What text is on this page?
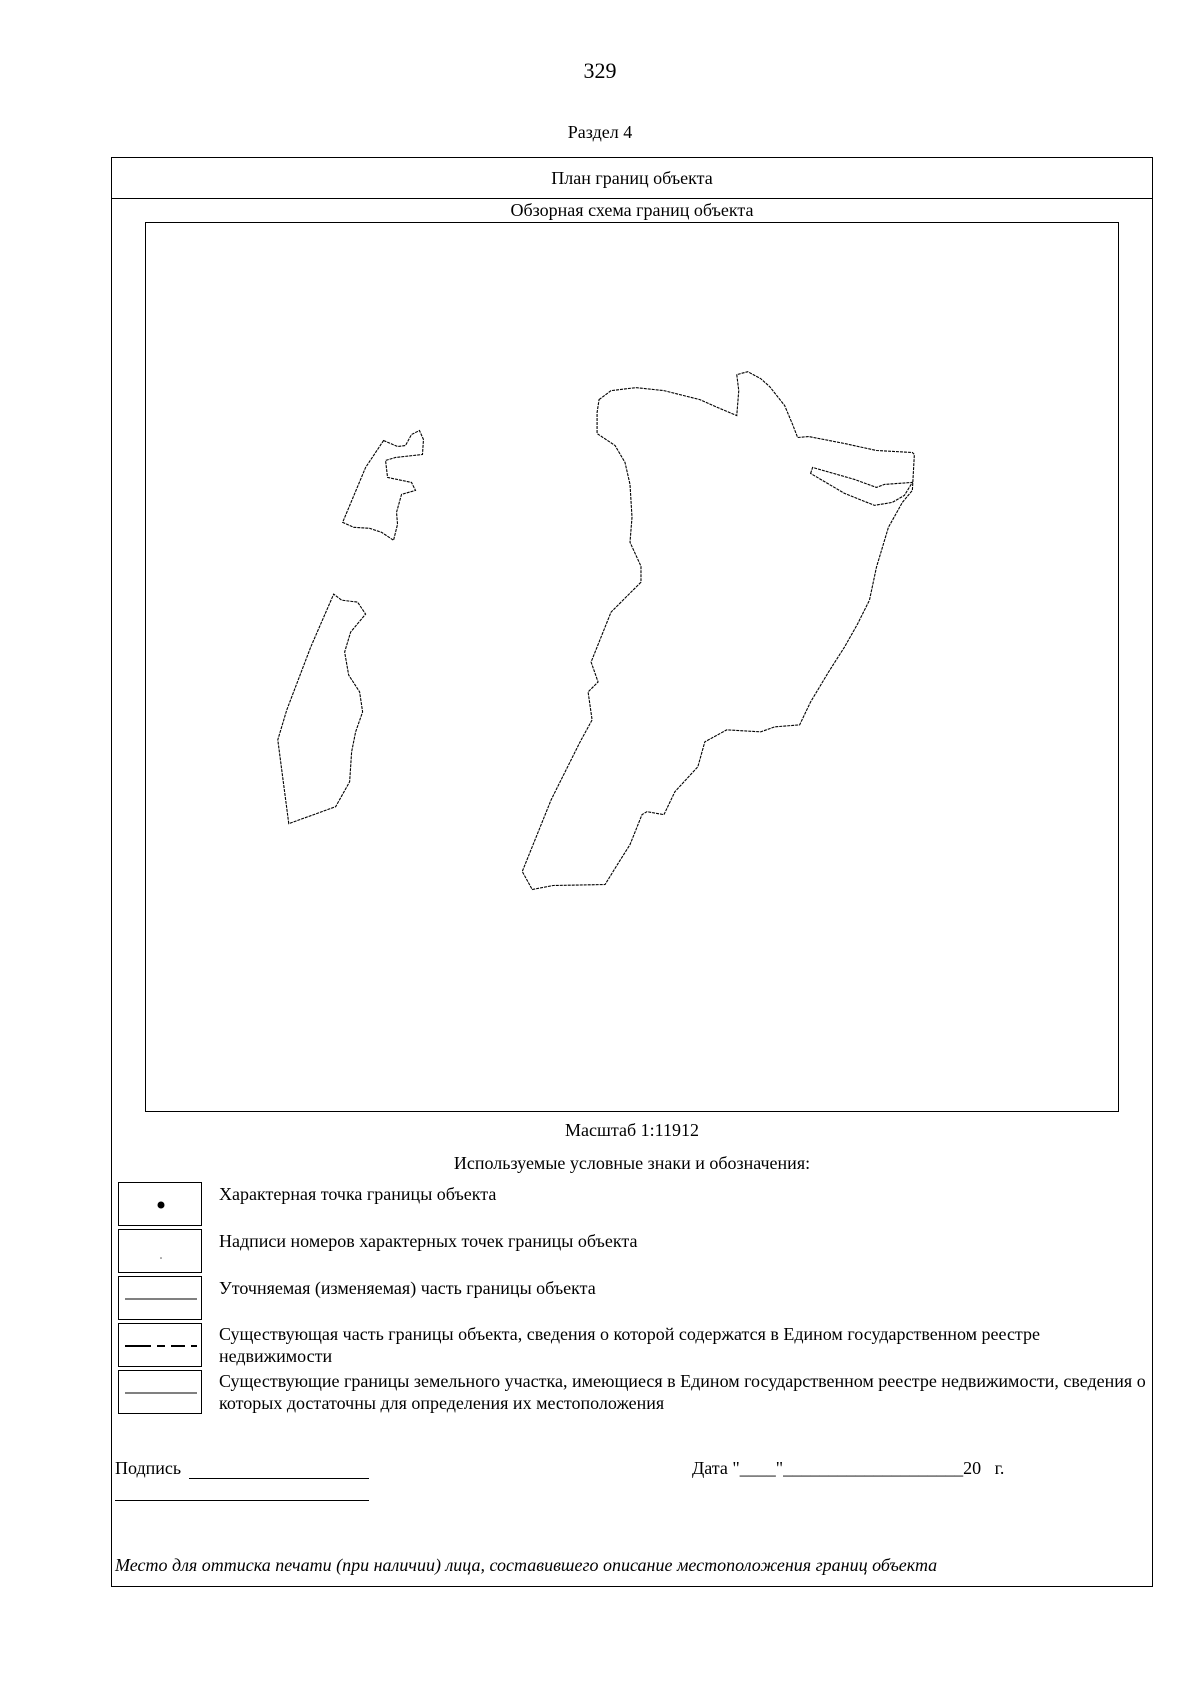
329
Раздел 4
План границ объекта
Обзорная схема границ объекта
Масштаб 1:11912
Используемые условные знаки и обозначения:
Характерная точка границы объекта
Надписи номеров характерных точек границы объекта
Уточняемая (изменяемая) часть границы объекта
Существующая часть границы объекта, сведения о которой содержатся в Едином государственном реестре недвижимости
Существующие границы земельного участка, имеющиеся в Едином государственном реестре недвижимости, сведения о которых достаточны для определения их местоположения
Подпись	Дата "____"____________________20   г.
Место для оттиска печати (при наличии) лица, составившего описание местоположения границ объекта
